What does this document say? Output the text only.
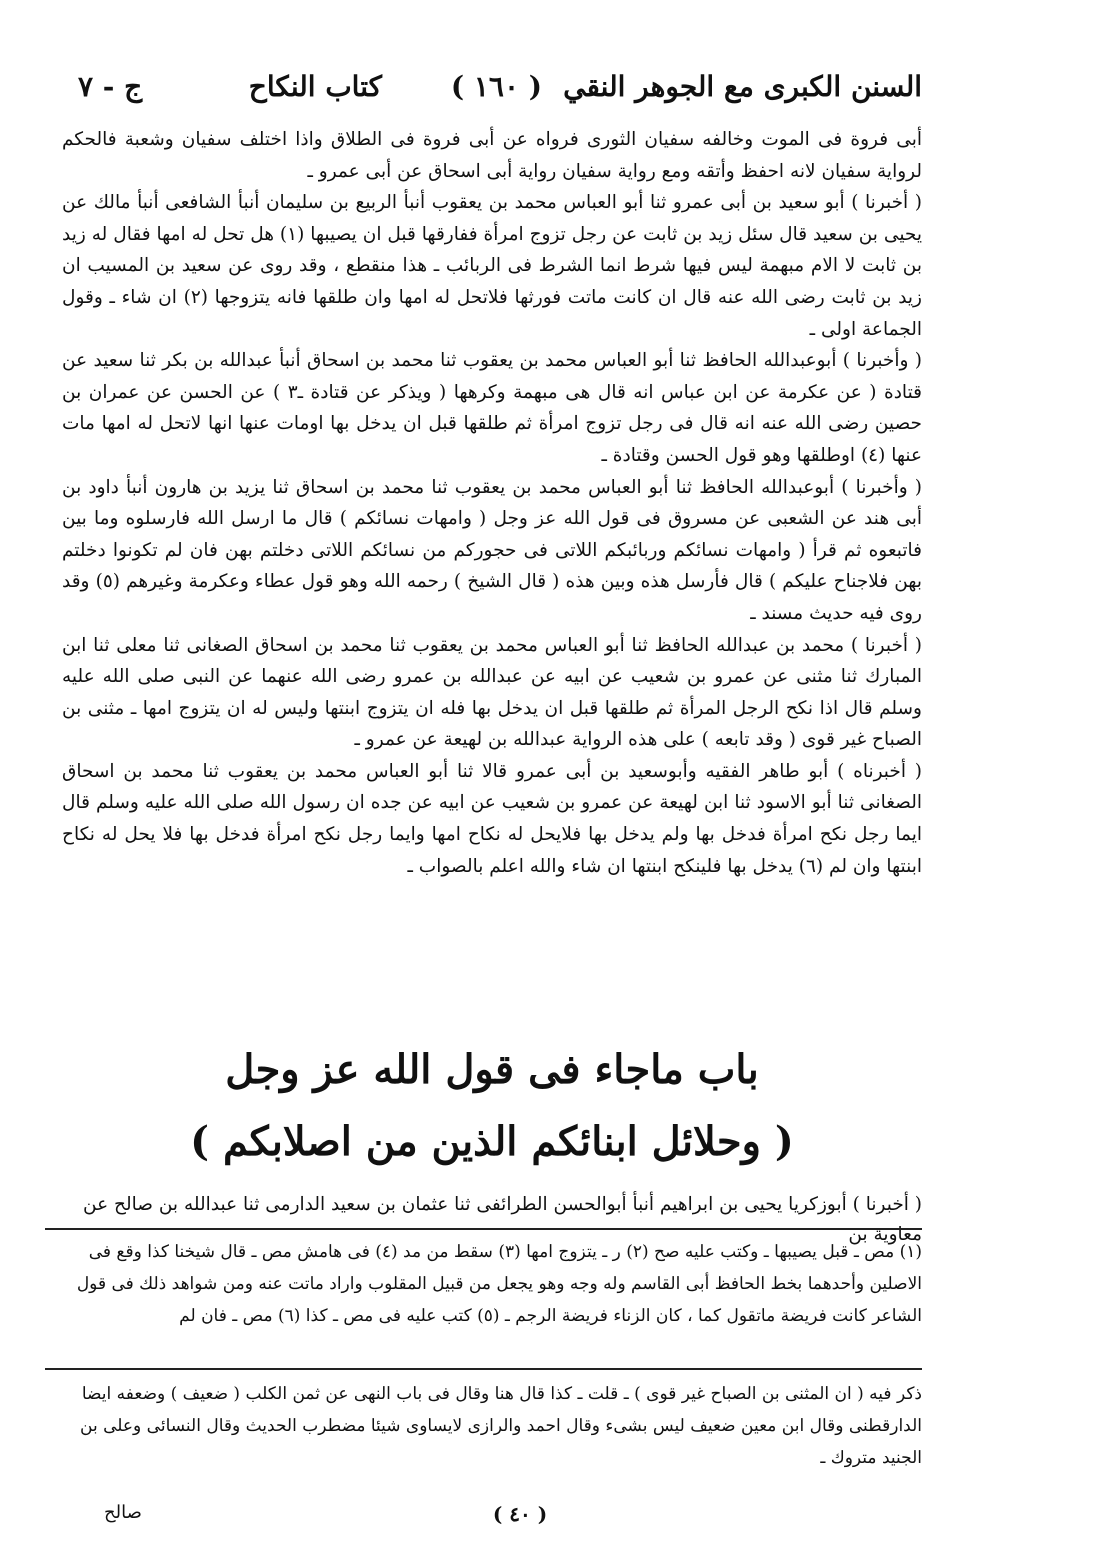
السنن الكبرى مع الجوهر النقي
( ١٦٠ )
كتاب النكاح
ج - ٧

أبى فروة فى الموت وخالفه سفيان الثورى فرواه عن أبى فروة فى الطلاق واذا اختلف سفيان وشعبة فالحكم لرواية سفيان لانه احفظ وأتقه ومع رواية سفيان رواية أبى اسحاق عن أبى عمرو ـ

( أخبرنا ) أبو سعيد بن أبى عمرو ثنا أبو العباس محمد بن يعقوب أنبأ الربيع بن سليمان أنبأ الشافعى أنبأ مالك عن يحيى بن سعيد قال سئل زيد بن ثابت عن رجل تزوج امرأة ففارقها قبل ان يصيبها (١) هل تحل له امها فقال له زيد بن ثابت لا الام مبهمة ليس فيها شرط انما الشرط فى الربائب ـ هذا منقطع ، وقد روى عن سعيد بن المسيب ان زيد بن ثابت رضى الله عنه قال ان كانت ماتت فورثها فلاتحل له امها وان طلقها فانه يتزوجها (٢) ان شاء ـ وقول الجماعة اولى ـ

( وأخبرنا ) أبوعبدالله الحافظ ثنا أبو العباس محمد بن يعقوب ثنا محمد بن اسحاق أنبأ عبدالله بن بكر ثنا سعيد عن قتادة ( عن عكرمة عن ابن عباس انه قال هى مبهمة وكرهها ( ويذكر عن قتادة ـ٣ ) عن الحسن عن عمران بن حصين رضى الله عنه انه قال فى رجل تزوج امرأة ثم طلقها قبل ان يدخل بها اومات عنها انها لاتحل له امها مات عنها (٤) اوطلقها وهو قول الحسن وقتادة ـ

( وأخبرنا ) أبوعبدالله الحافظ ثنا أبو العباس محمد بن يعقوب ثنا محمد بن اسحاق ثنا يزيد بن هارون أنبأ داود بن أبى هند عن الشعبى عن مسروق فى قول الله عز وجل ( وامهات نسائكم ) قال ما ارسل الله فارسلوه وما بين فاتبعوه ثم قرأ ( وامهات نسائكم وربائبكم اللاتى فى حجوركم من نسائكم اللاتى دخلتم بهن فان لم تكونوا دخلتم بهن فلاجناح عليكم ) قال فأرسل هذه وبين هذه ( قال الشيخ ) رحمه الله وهو قول عطاء وعكرمة وغيرهم (٥) وقد روى فيه حديث مسند ـ

( أخبرنا ) محمد بن عبدالله الحافظ ثنا أبو العباس محمد بن يعقوب ثنا محمد بن اسحاق الصغانى ثنا معلى ثنا ابن المبارك ثنا مثنى عن عمرو بن شعيب عن ابيه عن عبدالله بن عمرو رضى الله عنهما عن النبى صلى الله عليه وسلم قال اذا نكح الرجل المرأة ثم طلقها قبل ان يدخل بها فله ان يتزوج ابنتها وليس له ان يتزوج امها ـ مثنى بن الصباح غير قوى ( وقد تابعه ) على هذه الرواية عبدالله بن لهيعة عن عمرو ـ

( أخبرناه ) أبو طاهر الفقيه وأبوسعيد بن أبى عمرو قالا ثنا أبو العباس محمد بن يعقوب ثنا محمد بن اسحاق الصغانى ثنا أبو الاسود ثنا ابن لهيعة عن عمرو بن شعيب عن ابيه عن جده ان رسول الله صلى الله عليه وسلم قال ايما رجل نكح امرأة فدخل بها ولم يدخل بها فلايحل له نكاح امها وايما رجل نكح امرأة فدخل بها فلا يحل له نكاح ابنتها وان لم (٦) يدخل بها فلينكح ابنتها ان شاء والله اعلم بالصواب ـ

باب ماجاء فى قول الله عز وجل
( وحلائل ابنائكم الذين من اصلابكم )
( أخبرنا ) أبوزكريا يحيى بن ابراهيم أنبأ أبوالحسن الطرائفى ثنا عثمان بن سعيد الدارمى ثنا عبدالله بن صالح عن معاوية بن

(١) مص ـ قبل يصيبها ـ وكتب عليه صح (٢) ر ـ يتزوج امها (٣) سقط من مد (٤) فى هامش مص ـ قال شيخنا كذا وقع فى الاصلين وأحدهما بخط الحافظ أبى القاسم وله وجه وهو يجعل من قبيل المقلوب واراد ماتت عنه ومن شواهد ذلك فى قول الشاعر كانت فريضة ماتقول كما ، كان الزناء فريضة الرجم ـ (٥) كتب عليه فى مص ـ كذا (٦) مص ـ فان لم

ذكر فيه ( ان المثنى بن الصباح غير قوى ) ـ قلت ـ كذا قال هنا وقال فى باب النهى عن ثمن الكلب ( ضعيف ) وضعفه ايضا الدارقطنى وقال ابن معين ضعيف ليس بشىء وقال احمد والرازى لايساوى شيئا مضطرب الحديث وقال النسائى وعلى بن الجنيد متروك ـ

( ٤٠ )
صالح
